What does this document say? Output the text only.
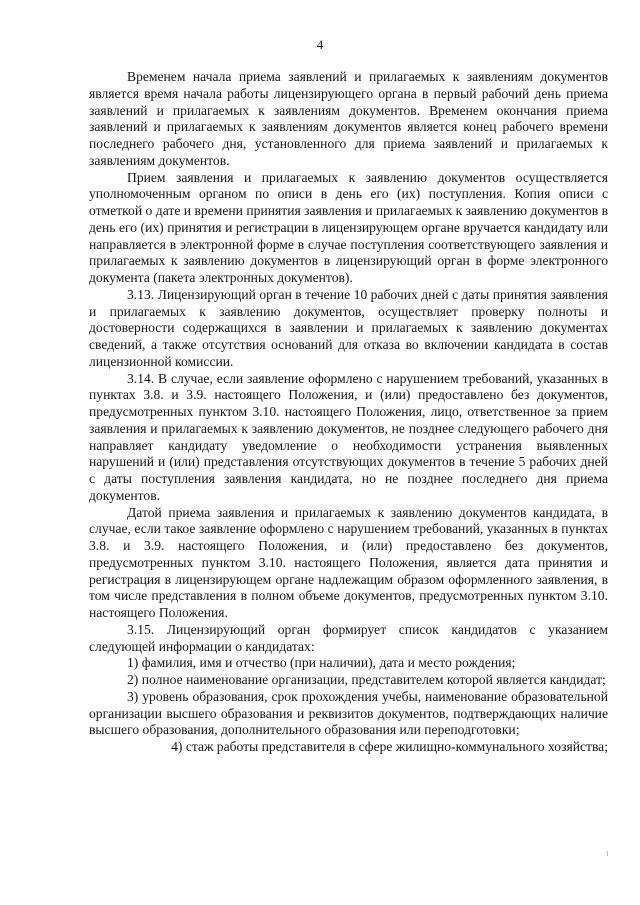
4

Временем начала приема заявлений и прилагаемых к заявлениям документов является время начала работы лицензирующего органа в первый рабочий день приема заявлений и прилагаемых к заявлениям документов. Временем окончания приема заявлений и прилагаемых к заявлениям документов является конец рабочего времени последнего рабочего дня, установленного для приема заявлений и прилагаемых к заявлениям документов.

Прием заявления и прилагаемых к заявлению документов осуществляется уполномоченным органом по описи в день его (их) поступления. Копия описи с отметкой о дате и времени принятия заявления и прилагаемых к заявлению документов в день его (их) принятия и регистрации в лицензирующем органе вручается кандидату или направляется в электронной форме в случае поступления соответствующего заявления и прилагаемых к заявлению документов в лицензирующий орган в форме электронного документа (пакета электронных документов).

3.13. Лицензирующий орган в течение 10 рабочих дней с даты принятия заявления и прилагаемых к заявлению документов, осуществляет проверку полноты и достоверности содержащихся в заявлении и прилагаемых к заявлению документах сведений, а также отсутствия оснований для отказа во включении кандидата в состав лицензионной комиссии.

3.14. В случае, если заявление оформлено с нарушением требований, указанных в пунктах 3.8. и 3.9. настоящего Положения, и (или) предоставлено без документов, предусмотренных пунктом 3.10. настоящего Положения, лицо, ответственное за прием заявления и прилагаемых к заявлению документов, не позднее следующего рабочего дня направляет кандидату уведомление о необходимости устранения выявленных нарушений и (или) представления отсутствующих документов в течение 5 рабочих дней с даты поступления заявления кандидата, но не позднее последнего дня приема документов.

Датой приема заявления и прилагаемых к заявлению документов кандидата, в случае, если такое заявление оформлено с нарушением требований, указанных в пунктах 3.8. и 3.9. настоящего Положения, и (или) предоставлено без документов, предусмотренных пунктом 3.10. настоящего Положения, является дата принятия и регистрация в лицензирующем органе надлежащим образом оформленного заявления, в том числе представления в полном объеме документов, предусмотренных пунктом 3.10. настоящего Положения.

3.15. Лицензирующий орган формирует список кандидатов с указанием следующей информации о кандидатах:

1) фамилия, имя и отчество (при наличии), дата и место рождения;

2) полное наименование организации, представителем которой является кандидат;

3) уровень образования, срок прохождения учебы, наименование образовательной организации высшего образования и реквизитов документов, подтверждающих наличие высшего образования, дополнительного образования или переподготовки;

4) стаж работы представителя в сфере жилищно-коммунального хозяйства;
